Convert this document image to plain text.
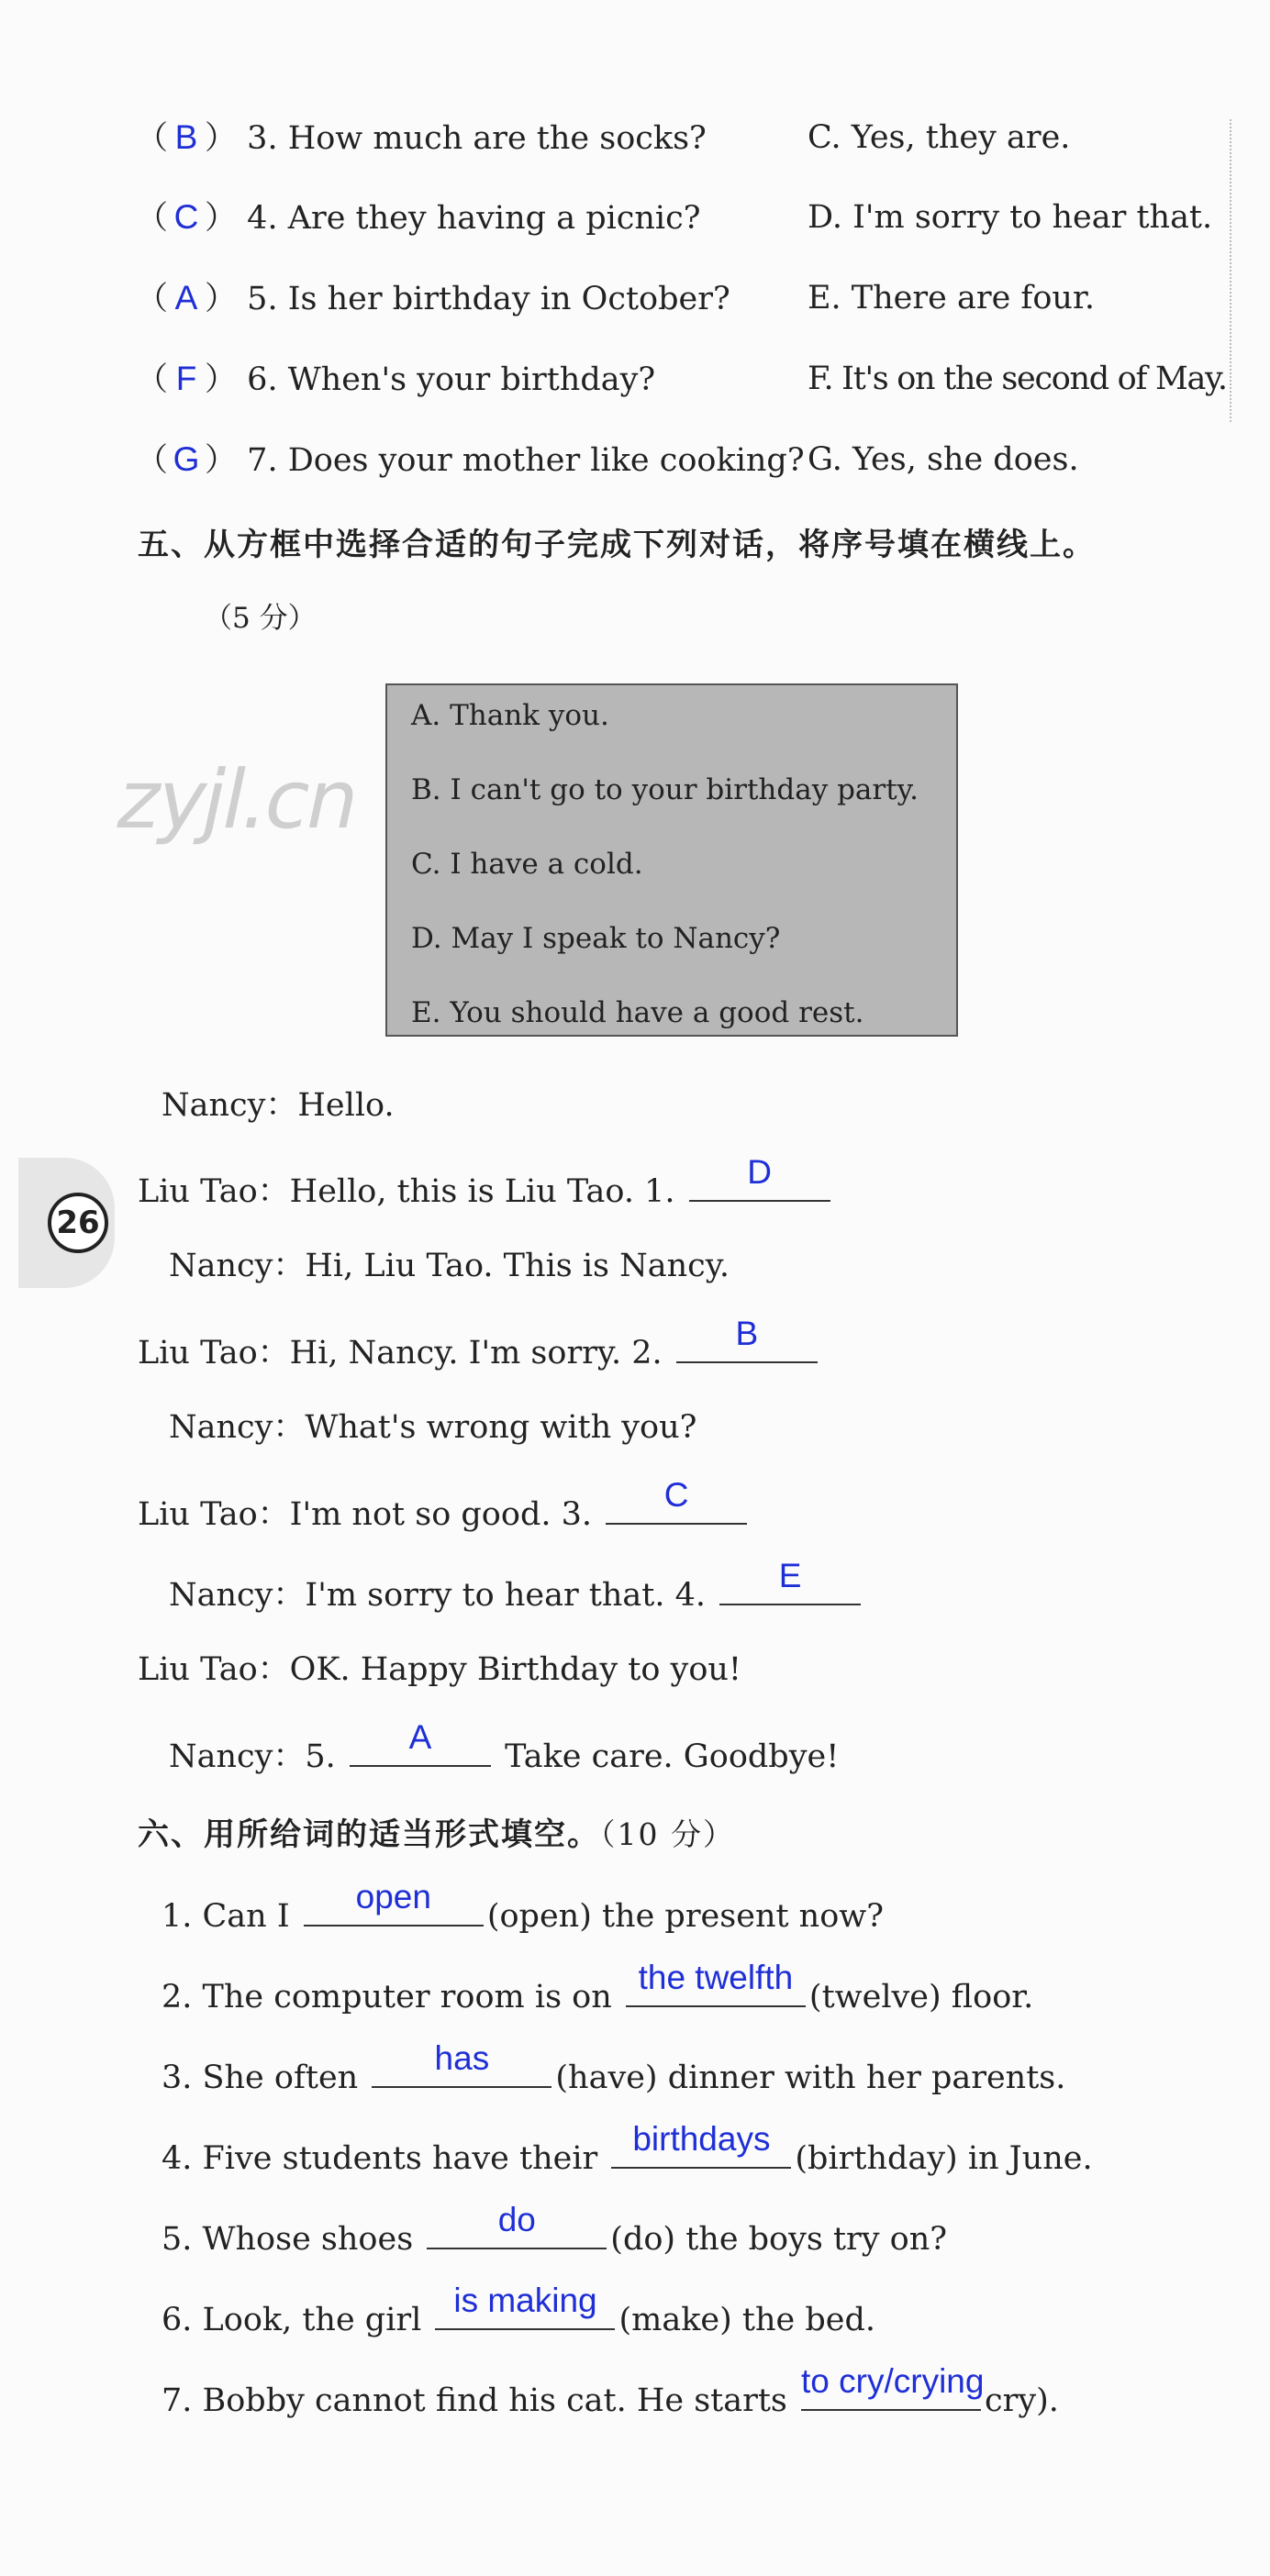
（ B ） 3. How much are the socks?	C. Yes, they are.
（ C ） 4. Are they having a picnic?	D. I'm sorry to hear that.
（ A ） 5. Is her birthday in October? E. There are four.
（ F ） 6. When's your birthday?	F. It's on the second of May.
（ G ） 7. Does your mother like cooking? G. Yes, she does.
五、从方框中选择合适的句子完成下列对话，将序号填在横线上。
（5 分）
zyjl.cn
A. Thank you.
B. I can't go to your birthday party.
C. I have a cold.
D. May I speak to Nancy?
E. You should have a good rest.
26
Nancy：Hello.
Liu Tao：Hello, this is Liu Tao. 1.
D
Nancy：Hi, Liu Tao. This is Nancy.
Liu Tao：Hi, Nancy. I'm sorry. 2.
B
Nancy：What's wrong with you?
Liu Tao：I'm not so good. 3.
C
Nancy：I'm sorry to hear that. 4.
E
Liu Tao：OK. Happy Birthday to you!
Nancy：5.
A
Take care. Goodbye!
六、用所给词的适当形式填空。（10 分）
1. Can I
open
(open) the present now?
2. The computer room is on
the twelfth
(twelve) floor.
3. She often
has
(have) dinner with her parents.
4. Five students have their
birthdays
(birthday) in June.
5. Whose shoes
do
(do) the boys try on?
6. Look, the girl
is making
(make) the bed.
7. Bobby cannot find his cat. He starts
to cry/crying
cry).
